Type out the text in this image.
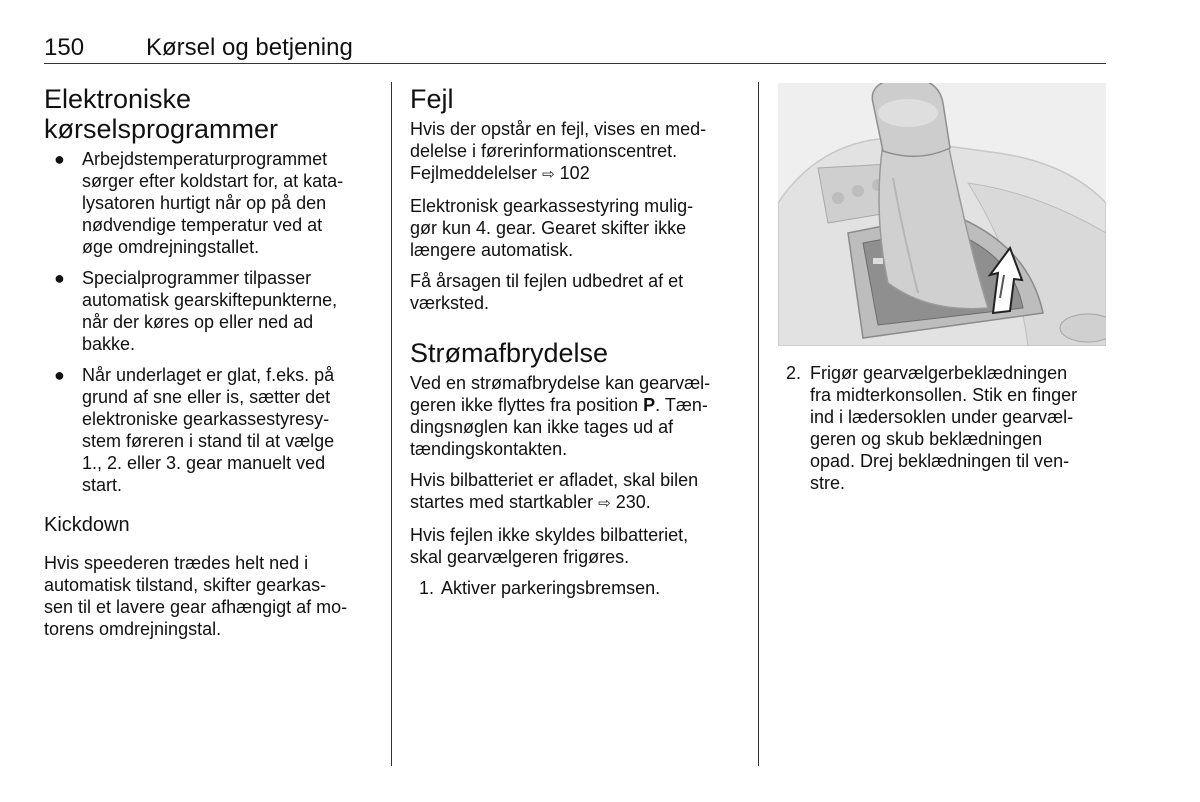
150	Kørsel og betjening
Elektroniske kørselsprogrammer
● Arbejdstemperaturprogrammet
sørger efter koldstart for, at kata-
lysatoren hurtigt når op på den
nødvendige temperatur ved at
øge omdrejningstallet.
● Specialprogrammer tilpasser
automatisk gearskiftepunkterne,
når der køres op eller ned ad
bakke.
● Når underlaget er glat, f.eks. på
grund af sne eller is, sætter det
elektroniske gearkassestyresy-
stem føreren i stand til at vælge
1., 2. eller 3. gear manuelt ved
start.
Kickdown

Hvis speederen trædes helt ned i
automatisk tilstand, skifter gearkas-
sen til et lavere gear afhængigt af mo-
torens omdrejningstal.

Fejl

Hvis der opstår en fejl, vises en med-
delelse i førerinformationscentret.
Fejlmeddelelser ⇨ 102

Elektronisk gearkassestyring mulig-
gør kun 4. gear. Gearet skifter ikke
længere automatisk.

Få årsagen til fejlen udbedret af et
værksted.

Strømafbrydelse

Ved en strømafbrydelse kan gearvæl-
geren ikke flyttes fra position P. Tæn-
dingsnøglen kan ikke tages ud af
tændingskontakten.

Hvis bilbatteriet er afladet, skal bilen
startes med startkabler ⇨ 230.

Hvis fejlen ikke skyldes bilbatteriet,
skal gearvælgeren frigøres.

1. Aktiver parkeringsbremsen.
2. Frigør gearvælgerbeklædningen
fra midterkonsollen. Stik en finger
ind i lædersoklen under gearvæl-
geren og skub beklædningen
opad. Drej beklædningen til ven-
stre.
